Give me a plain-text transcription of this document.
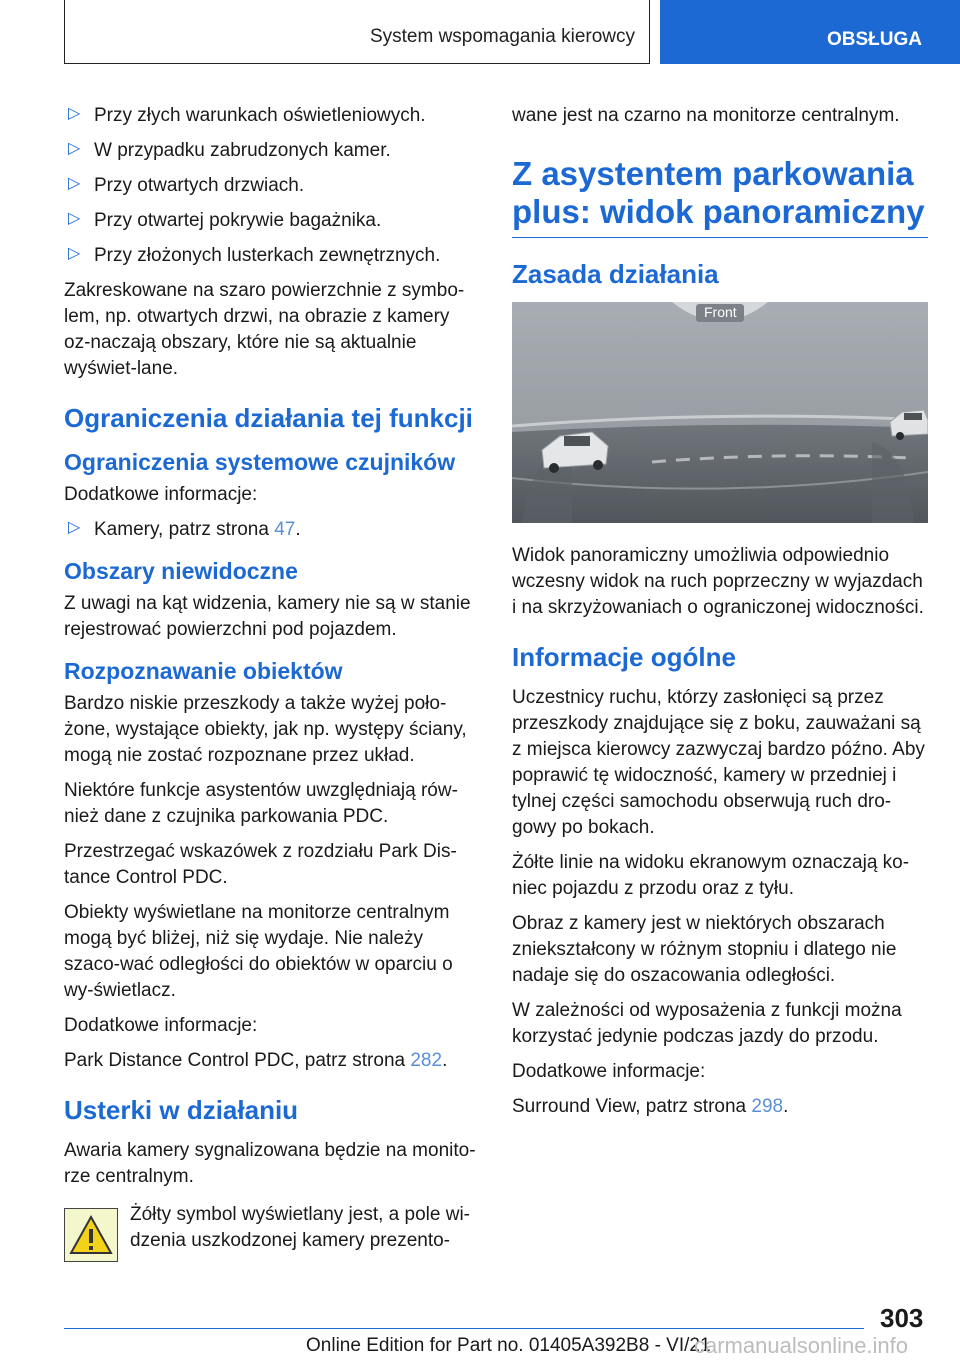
System wspomagania kierowcy	OBSŁUGA
▷ Przy złych warunkach oświetleniowych.

▷ W przypadku zabrudzonych kamer.

▷ Przy otwartych drzwiach.

▷ Przy otwartej pokrywie bagażnika.

▷ Przy złożonych lusterkach zewnętrznych.

Zakreskowane na szaro powierzchnie z symbo-lem, np. otwartych drzwi, na obrazie z kamery oz-naczają obszary, które nie są aktualnie wyświet-lane.

Ograniczenia działania tej funkcji
Ograniczenia systemowe czujników

Dodatkowe informacje:

▷ Kamery, patrz strona 47.

Obszary niewidoczne

Z uwagi na kąt widzenia, kamery nie są w stanie rejestrować powierzchni pod pojazdem.

Rozpoznawanie obiektów

Bardzo niskie przeszkody a także wyżej poło-żone, wystające obiekty, jak np. występy ściany, mogą nie zostać rozpoznane przez układ.

Niektóre funkcje asystentów uwzględniają rów-nież dane z czujnika parkowania PDC.

Przestrzegać wskazówek z rozdziału Park Dis-tance Control PDC.

Obiekty wyświetlane na monitorze centralnym mogą być bliżej, niż się wydaje. Nie należy szaco-wać odległości do obiektów w oparciu o wy-świetlacz.

Dodatkowe informacje:

Park Distance Control PDC, patrz strona 282.

Usterki w działaniu

Awaria kamery sygnalizowana będzie na monito-rze centralnym.

Żółty symbol wyświetlany jest, a pole wi-dzenia uszkodzonej kamery prezento-

wane jest na czarno na monitorze centralnym.

Z asystentem parkowania plus: widok panoramiczny
Zasada działania
Front

Widok panoramiczny umożliwia odpowiednio wczesny widok na ruch poprzeczny w wyjazdach i na skrzyżowaniach o ograniczonej widoczności.

Informacje ogólne

Uczestnicy ruchu, którzy zasłonięci są przez przeszkody znajdujące się z boku, zauważani są z miejsca kierowcy zazwyczaj bardzo późno. Aby poprawić tę widoczność, kamery w przedniej i tylnej części samochodu obserwują ruch dro-gowy po bokach.

Żółte linie na widoku ekranowym oznaczają ko-niec pojazdu z przodu oraz z tyłu.

Obraz z kamery jest w niektórych obszarach zniekształcony w różnym stopniu i dlatego nie nadaje się do oszacowania odległości.

W zależności od wyposażenia z funkcji można korzystać jedynie podczas jazdy do przodu.

Dodatkowe informacje:

Surround View, patrz strona 298.

303
Online Edition for Part no. 01405A392B8 - VI/21
carmanualsonline.info
